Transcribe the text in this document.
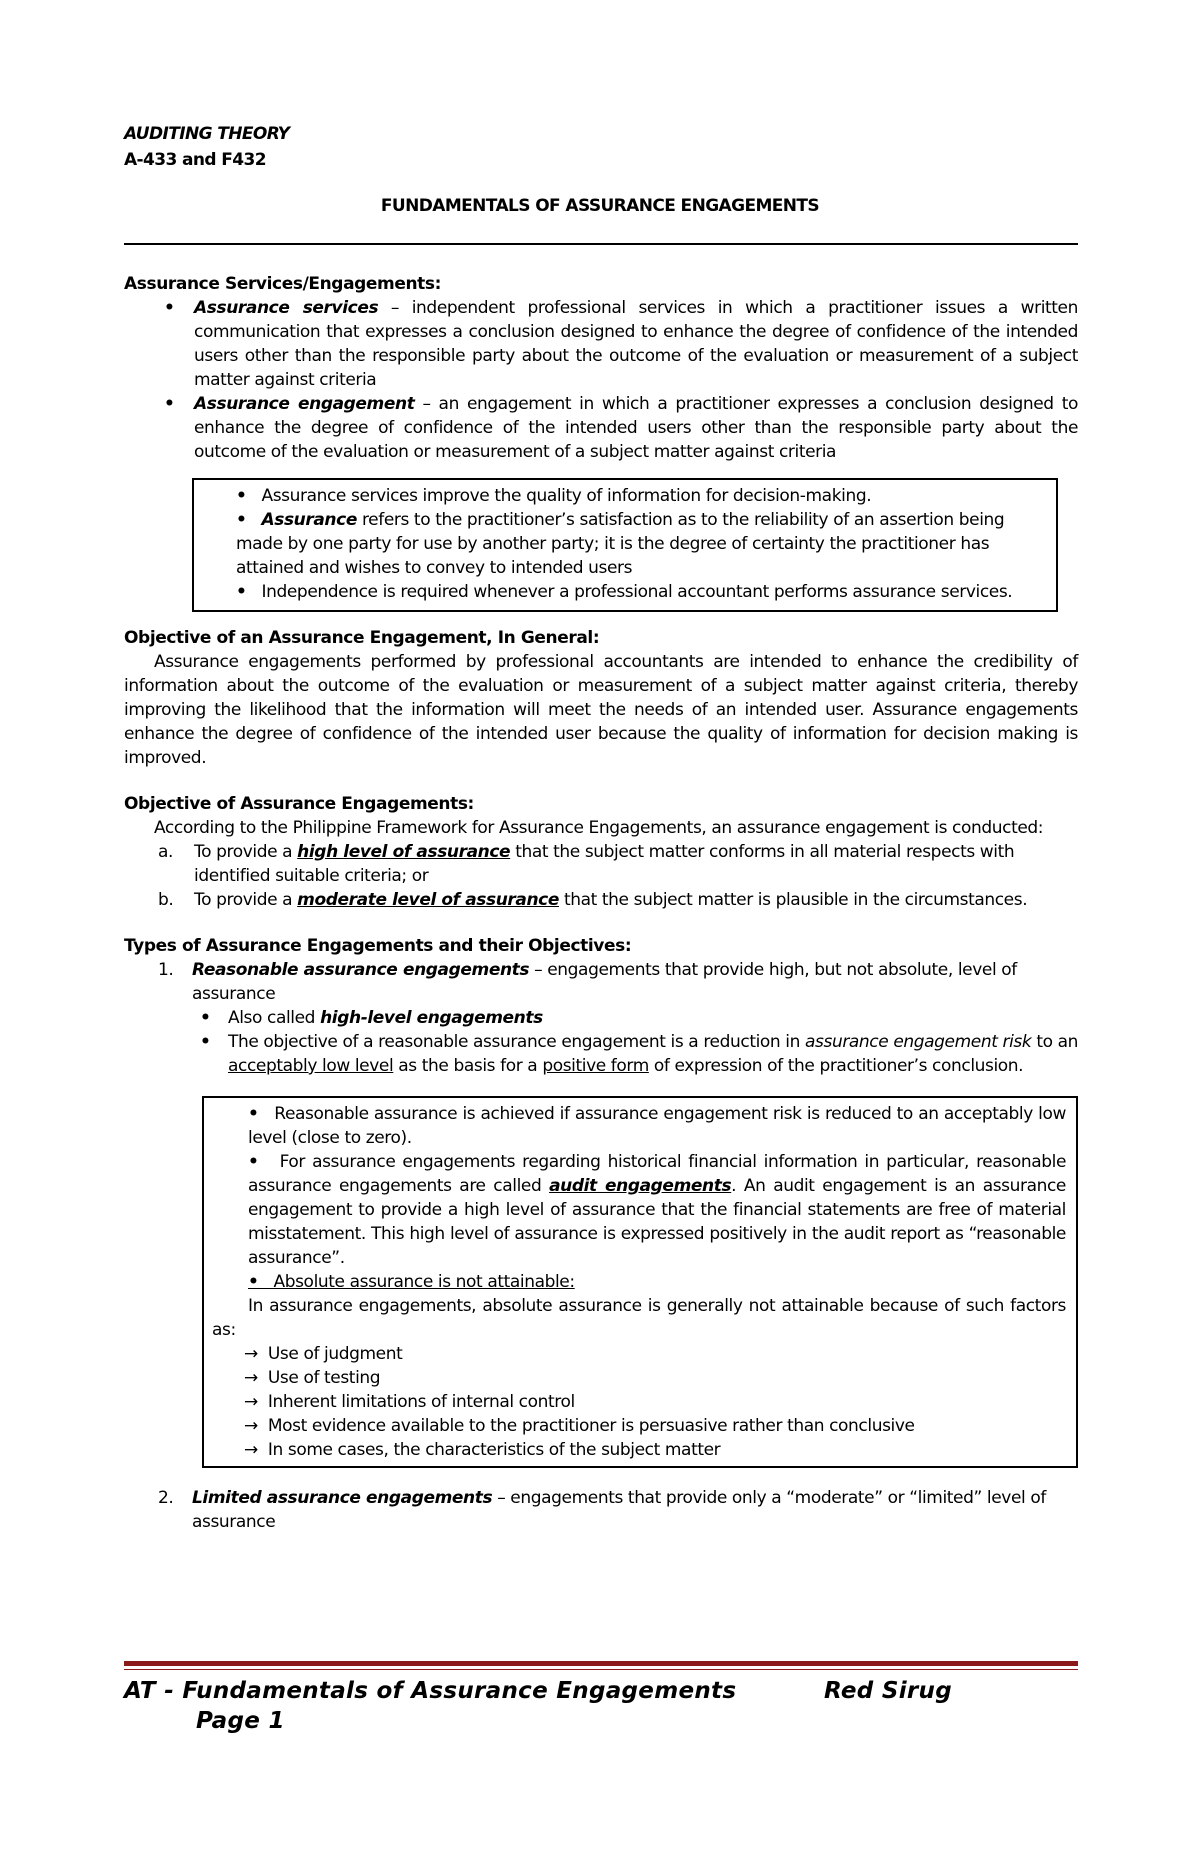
AUDITING THEORY
A-433 and F432
FUNDAMENTALS OF ASSURANCE ENGAGEMENTS

Assurance Services/Engagements:

• Assurance services – independent professional services in which a practitioner issues a written communication that expresses a conclusion designed to enhance the degree of confidence of the intended users other than the responsible party about the outcome of the evaluation or measurement of a subject matter against criteria

• Assurance engagement – an engagement in which a practitioner expresses a conclusion designed to enhance the degree of confidence of the intended users other than the responsible party about the outcome of the evaluation or measurement of a subject matter against criteria

• Assurance services improve the quality of information for decision-making.

• Assurance refers to the practitioner’s satisfaction as to the reliability of an assertion being made by one party for use by another party; it is the degree of certainty the practitioner has attained and wishes to convey to intended users

• Independence is required whenever a professional accountant performs assurance services.

Objective of an Assurance Engagement, In General:

Assurance engagements performed by professional accountants are intended to enhance the credibility of information about the outcome of the evaluation or measurement of a subject matter against criteria, thereby improving the likelihood that the information will meet the needs of an intended user. Assurance engagements enhance the degree of confidence of the intended user because the quality of information for decision making is improved.

Objective of Assurance Engagements:

According to the Philippine Framework for Assurance Engagements, an assurance engagement is conducted:

a. To provide a high level of assurance that the subject matter conforms in all material respects with identified suitable criteria; or

b. To provide a moderate level of assurance that the subject matter is plausible in the circumstances.

Types of Assurance Engagements and their Objectives:

1. Reasonable assurance engagements – engagements that provide high, but not absolute, level of assurance

• Also called high-level engagements

• The objective of a reasonable assurance engagement is a reduction in assurance engagement risk to an acceptably low level as the basis for a positive form of expression of the practitioner’s conclusion.

• Reasonable assurance is achieved if assurance engagement risk is reduced to an acceptably low level (close to zero).

• For assurance engagements regarding historical financial information in particular, reasonable assurance engagements are called audit engagements. An audit engagement is an assurance engagement to provide a high level of assurance that the financial statements are free of material misstatement. This high level of assurance is expressed positively in the audit report as “reasonable assurance”.

• Absolute assurance is not attainable:

In assurance engagements, absolute assurance is generally not attainable because of such factors as:

→ Use of judgment

→ Use of testing

→ Inherent limitations of internal control

→ Most evidence available to the practitioner is persuasive rather than conclusive

→ In some cases, the characteristics of the subject matter

2. Limited assurance engagements – engagements that provide only a “moderate” or “limited” level of assurance

AT - Fundamentals of Assurance Engagements	Red Sirug
Page 1
